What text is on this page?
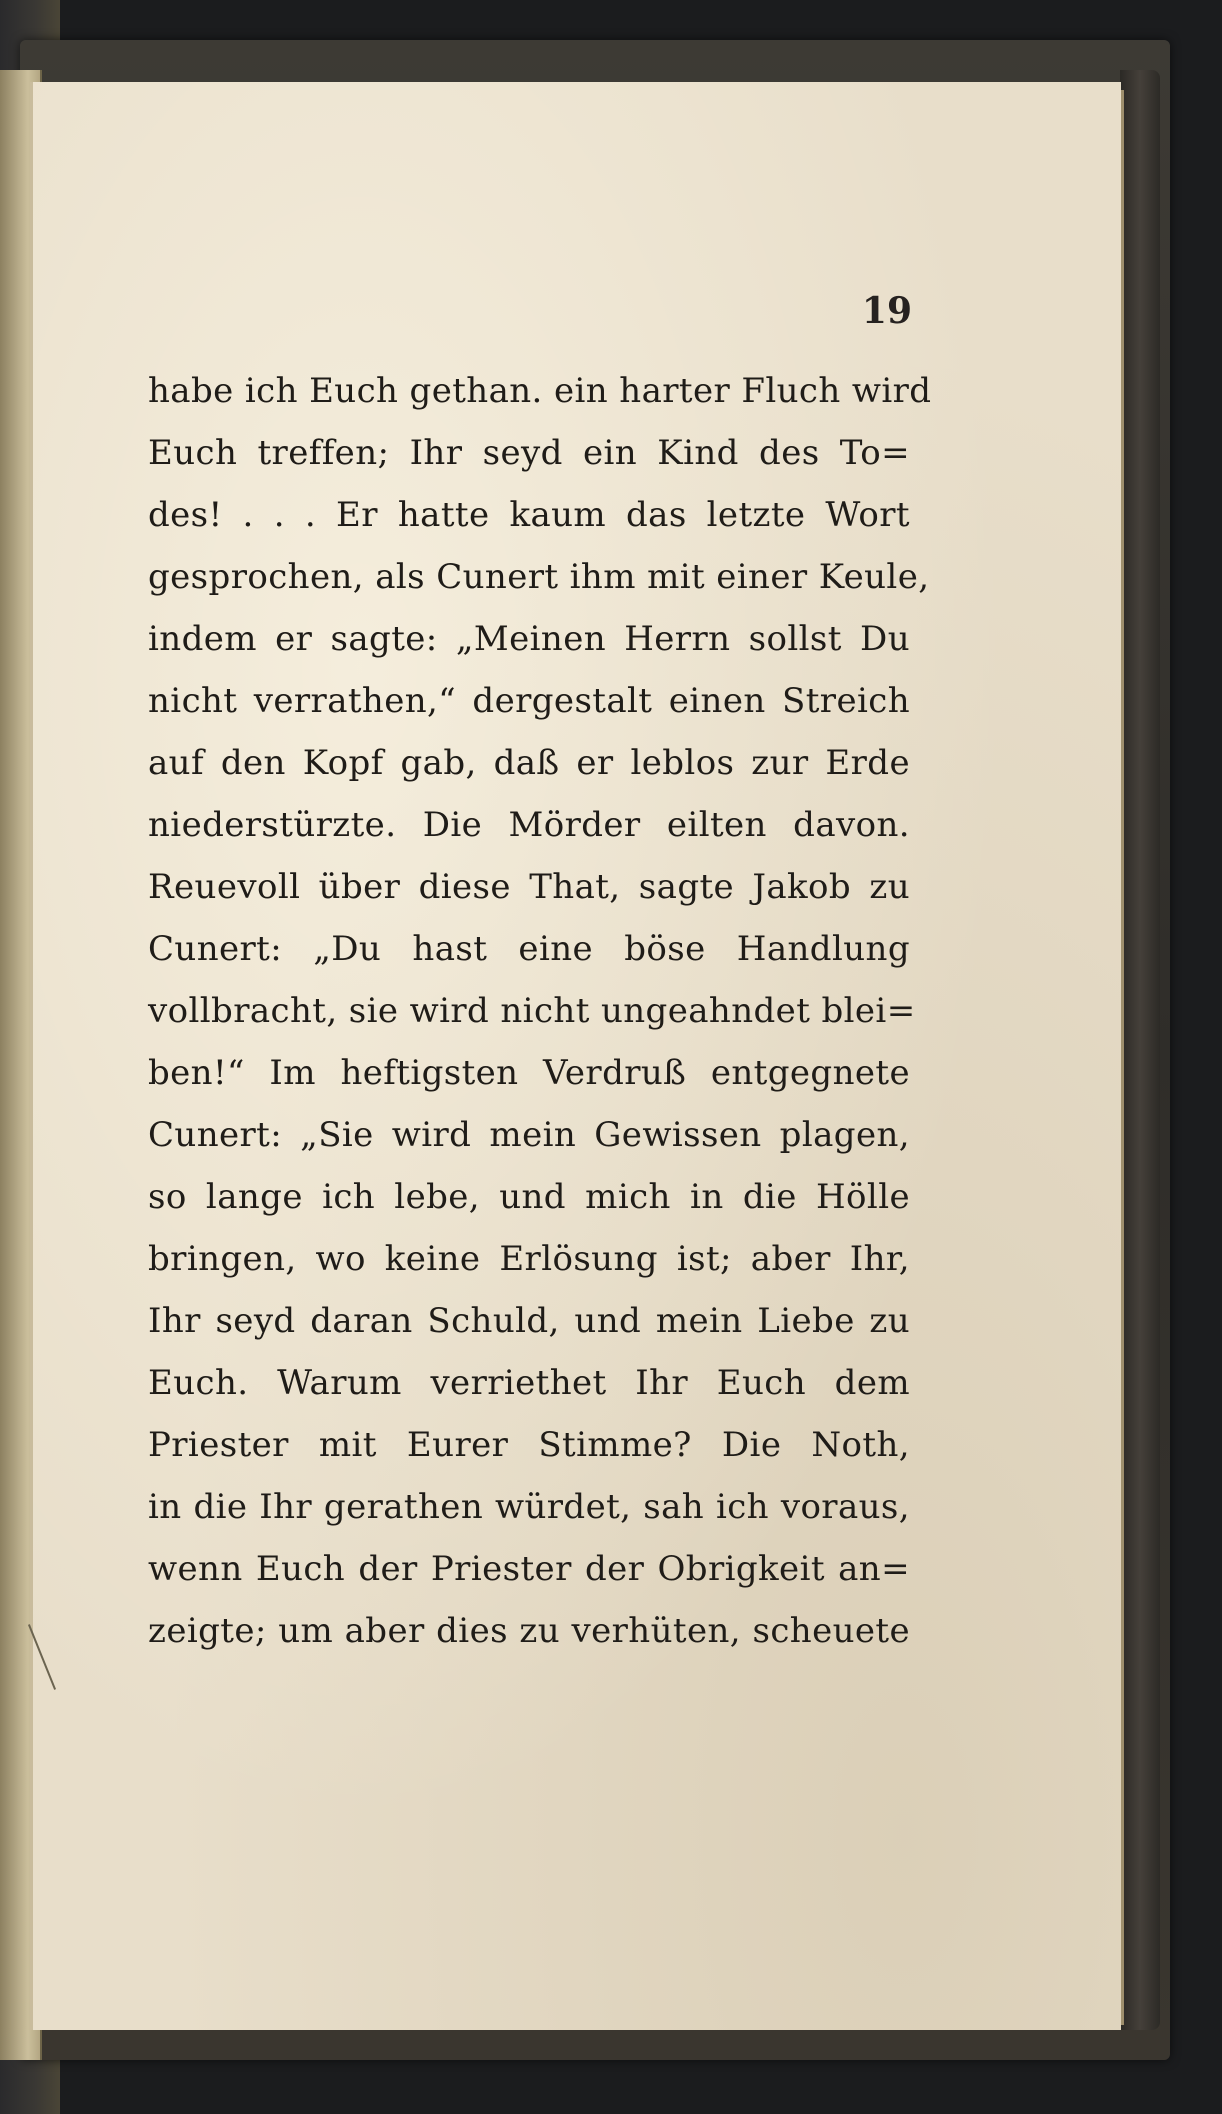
19
habe ich Euch gethan. ein harter Fluch wird
Euch treffen; Ihr seyd ein Kind des To=
des! . . . Er hatte kaum das letzte Wort
gesprochen, als Cunert ihm mit einer Keule,
indem er sagte: „Meinen Herrn sollst Du
nicht verrathen,“ dergestalt einen Streich
auf den Kopf gab, daß er leblos zur Erde
niederstürzte. Die Mörder eilten davon.
Reuevoll über diese That, sagte Jakob zu
Cunert: „Du hast eine böse Handlung
vollbracht, sie wird nicht ungeahndet blei=
ben!“ Im heftigsten Verdruß entgegnete
Cunert: „Sie wird mein Gewissen plagen,
so lange ich lebe, und mich in die Hölle
bringen, wo keine Erlösung ist; aber Ihr,
Ihr seyd daran Schuld, und mein Liebe zu
Euch. Warum verriethet Ihr Euch dem
Priester mit Eurer Stimme? Die Noth,
in die Ihr gerathen würdet, sah ich voraus,
wenn Euch der Priester der Obrigkeit an=
zeigte; um aber dies zu verhüten, scheuete
